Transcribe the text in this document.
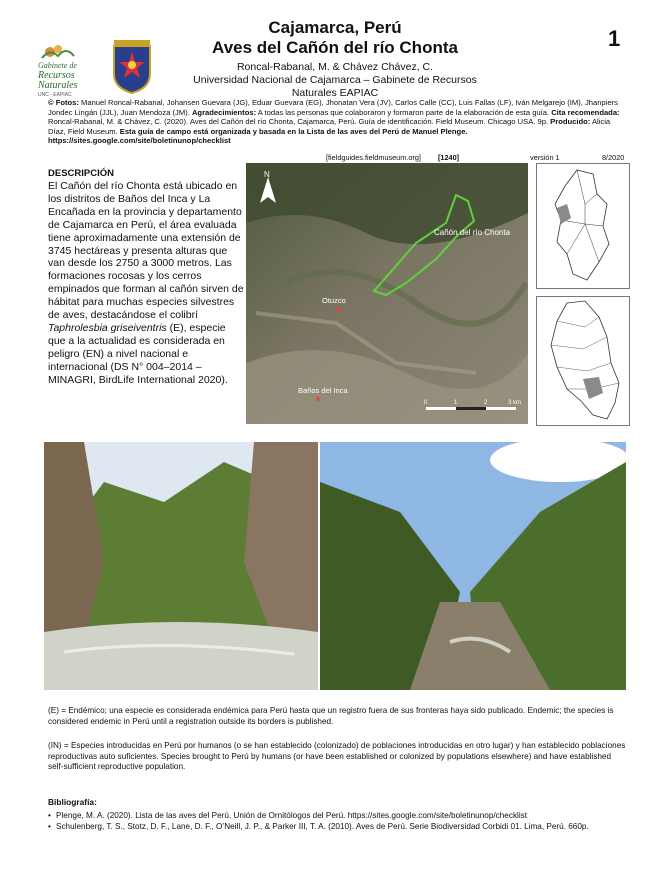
Gabinete de
Recursos
Naturales
UNC - EAPIAC
Cajamarca, Perú
Aves del Cañón del río Chonta
Roncal-Rabanal, M. & Chávez Chávez, C.
Universidad Nacional de Cajamarca – Gabinete de Recursos
Naturales EAPIAC
1
© Fotos: Manuel Roncal-Rabanal, Johansen Guevara (JG), Eduar Guevara (EG), Jhonatan Vera (JV), Carlos Calle (CC), Luis Fallas (LF), Iván Melgarejo (IM), Jhanpiers Jondec Lingán (JJL), Juan Mendoza (JM). Agradecimientos: A todas las personas que colaboraron y formaron parte de la elaboración de esta guía. Cita recomendada: Roncal-Rabanal, M. & Chávez, C. (2020). Aves del Cañón del río Chonta, Cajamarca, Perú. Guía de identificación. Field Museum. Chicago USA. 9p. Producido: Alicia Díaz, Field Museum. Esta guía de campo está organizada y basada en la Lista de las aves del Perú de Manuel Plenge. https://sites.google.com/site/boletinunop/checklist
DESCRIPCIÓN
El Cañón del río Chonta está ubicado en los distritos de Baños del Inca y La Encañada en la provincia y departamento de Cajamarca en Perú, el área evaluada tiene aproximadamente una extensión de 3745 hectáreas y presenta alturas que van desde los 2750 a 3000 metros. Las formaciones rocosas y los cerros empinados que forman al cañón sirven de hábitat para muchas especies silvestres de aves, destacándose el colibrí Taphrolesbia griseiventris (E), especie que a la actualidad es considerada en peligro (EN) a nivel nacional e internacional (DS N° 004–2014 – MINAGRI, BirdLife International 2020).
[fieldguides.fieldmuseum.org] [1240]	versión 1	8/2020
Cañón del río Chonta
Otuzco
Baños del Inca
N
0	1	2	3 km
(E) = Endémico; una especie es considerada endémica para Perú hasta que un registro fuera de sus fronteras haya sido publicado. Endemic; the species is considered endemic in Perú until a registration outside its borders is published.
(IN) = Especies introducidas en Perú por humanos (o se han establecido (colonizado) de poblaciones introducidas en otro lugar) y han establecido poblaciones reproductivas auto suficientes. Species brought to Perú by humans (or have been established or colonized by populations elsewhere) and have established self-sufficient reproductive population.
Bibliografía:
• Plenge, M. A. (2020). Lista de las aves del Perú. Unión de Ornitólogos del Perú. https://sites.google.com/site/boletinunop/checklist
• Schulenberg, T. S., Stotz, D. F., Lane, D. F., O’Neill, J. P., & Parker III, T. A. (2010). Aves de Perú. Serie Biodiversidad Corbidi 01. Lima, Perú. 660p.
